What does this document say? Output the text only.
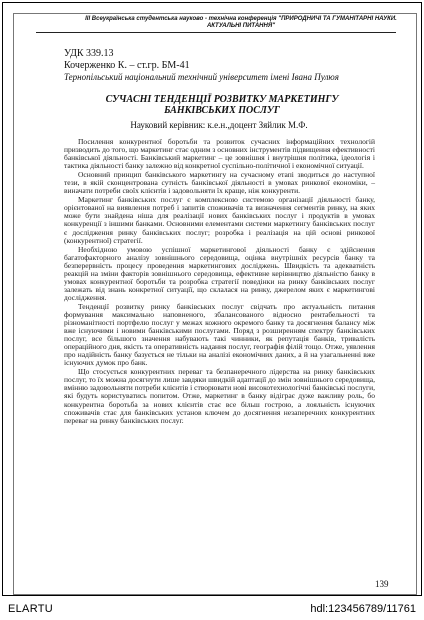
III Всеукраїнська студентська науково - технічна конференція "ПРИРОДНИЧІ ТА ГУМАНІТАРНІ НАУКИ. АКТУАЛЬНІ ПИТАННЯ"
УДК 339.13
Кочерженко К. – ст.гр. БМ-41
Тернопільський національний технічний університет імені Івана Пулюя
СУЧАСНІ ТЕНДЕНЦІЇ РОЗВИТКУ МАРКЕТИНГУ БАНКІВСЬКИХ ПОСЛУГ
Науковий керівник: к.е.н.,доцент Зяйлик М.Ф.

Посилення конкурентної боротьби та розвиток сучасних інформаційних технологій призводить до того, що маркетинг стає одним з основних інструментів підвищення ефективності банківської діяльності. Банківський маркетинг – це зовнішня і внутрішня політика, ідеологія і тактика діяльності банку залежно від конкретної суспільно-політичної і економічної ситуації.

Основний принцип банківського маркетингу на сучасному етапі зводиться до наступної тези, в якій сконцентрована сутність банківської діяльності в умовах ринкової економіки, – виначати потреби своїх клієнтів і задовольняти їх краще, ніж конкуренти.

Маркетинг банківських послуг є комплексною системою організації діяльності банку, орієнтованої на виявлення потреб і запитів споживачів та визначення сегментів ринку, на яких може бути знайдена ніша для реалізації нових банківських послуг і продуктів в умовах конкуренції з іншими банками. Основними елементами системи маркетингу банківських послуг є дослідження ринку банківських послуг; розробка і реалізація на цій основі ринкової (конкурентної) стратегії.

Необхідною умовою успішної маркетингової діяльності банку є здійснення багатофакторного аналізу зовнішнього середовища, оцінка внутрішніх ресурсів банку та безперервність процесу проведення маркетингових досліджень. Швидкість та адекватність реакцій на зміни факторів зовнішнього середовища, ефективне керівництво діяльністю банку в умовах конкурентної боротьби та розробка стратегії поведінки на ринку банківських послуг залежать від знань конкретної ситуації, що склалася на ринку, джерелом яких є маркетингові дослідження.

Тенденції розвитку ринку банківських послуг свідчать про актуальність питання формування максимально наповненого, збалансованого відносно рентабельності та різноманітності портфелю послуг у межах кожного окремого банку та досягнення балансу між вже існуючими і новими банківськими послугами. Поряд з розширенням спектру банківських послуг, все більшого значення набувають такі чинники, як репутація банків, тривалість операційного дня, якість та оперативність надання послуг, географія філій тощо. Отже, уявлення про надійність банку базується не тільки на аналізі економічних даних, а й на узагальненні вже існуючих думок про банк.

Що стосується конкурентних переваг та безпанеречного лідерства на ринку банківських послуг, то їх можна досягнути лише завдяки швидкій адаптації до змін зовнішнього середовища, вмінню задовольняти потреби клієнтів і створювати нові високотехнологічні банківські послуги, які будуть користуватись попитом. Отже, маркетинг в банку відіграє дуже важливу роль, бо конкурентна боротьба за нових клієнтів стає все більш гострою, а лояльність існуючих споживачів стає для банківських установ ключем до досягнення незаперечних конкурентних переваг на ринку банківських послуг.

139
ELARTU	hdl:123456789/11761
